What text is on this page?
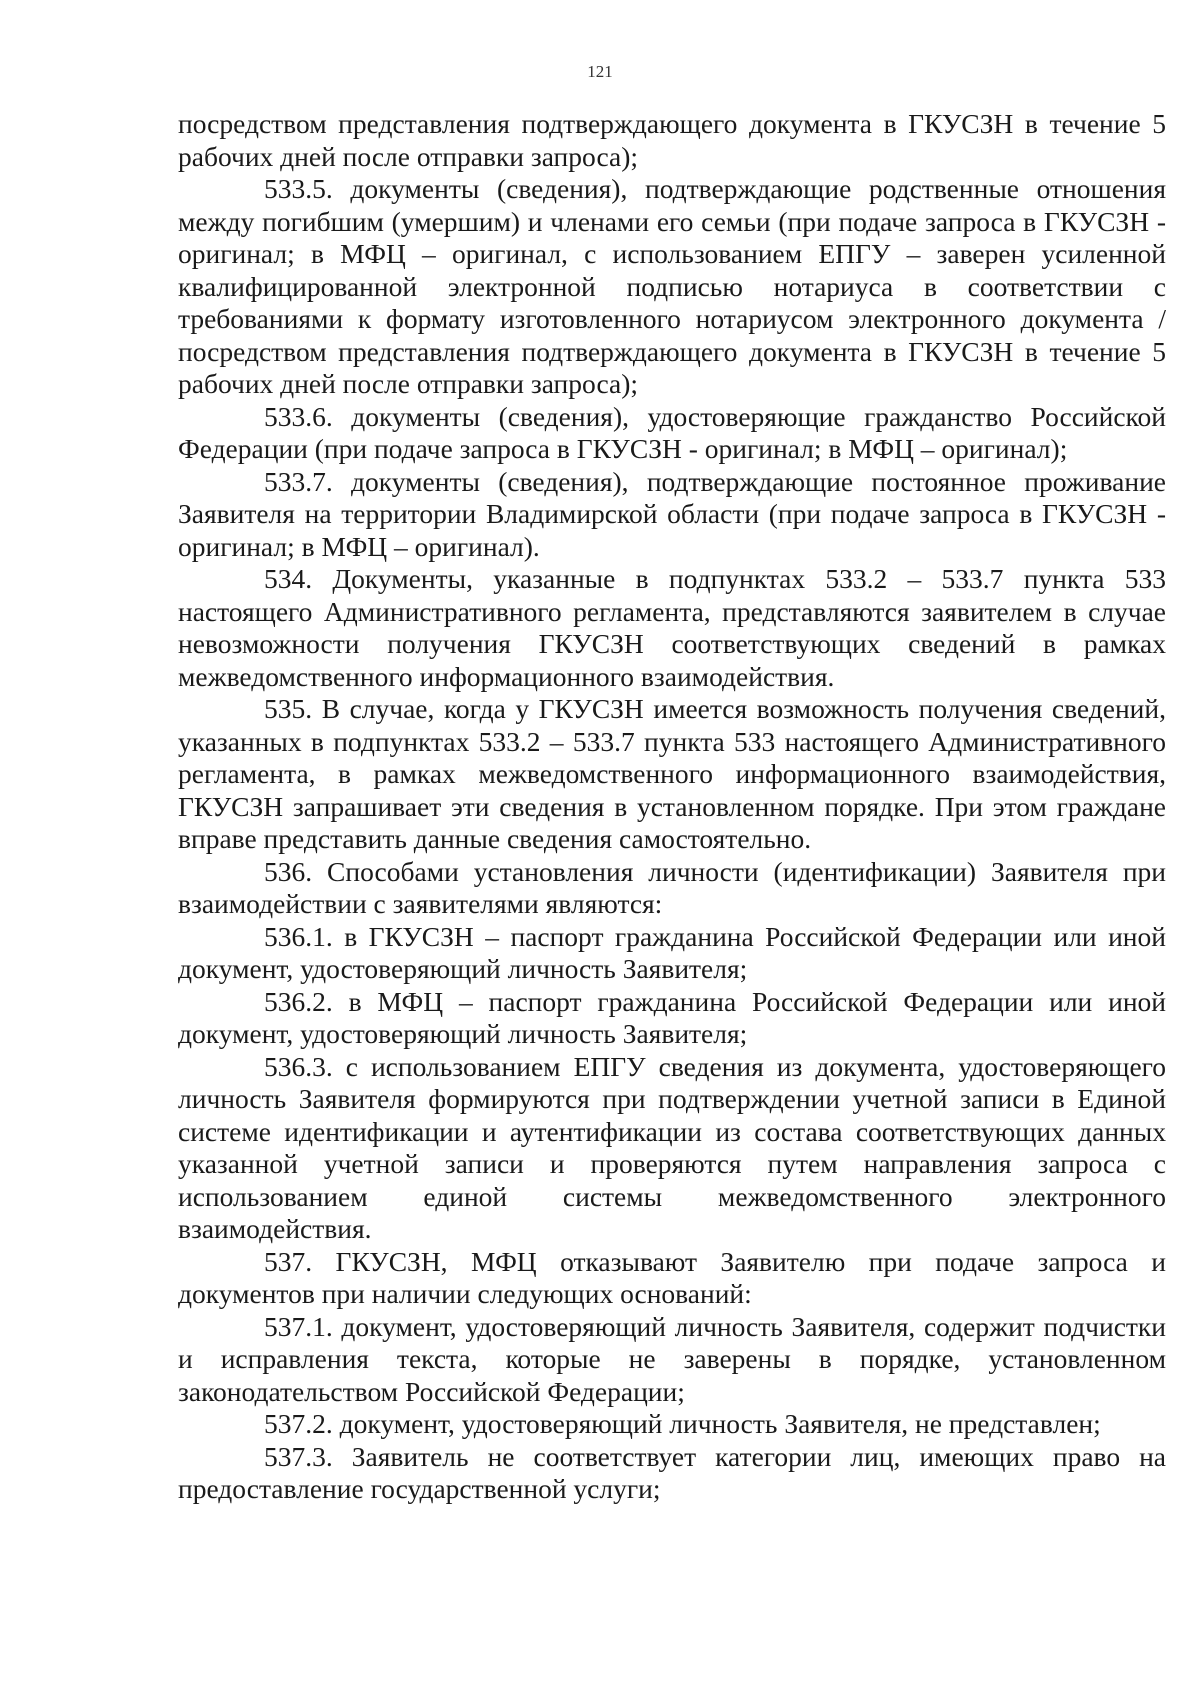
121

посредством представления подтверждающего документа в ГКУСЗН в течение 5 рабочих дней после отправки запроса);

533.5. документы (сведения), подтверждающие родственные отношения между погибшим (умершим) и членами его семьи (при подаче запроса в ГКУСЗН - оригинал; в МФЦ – оригинал, с использованием ЕПГУ – заверен усиленной квалифицированной электронной подписью нотариуса в соответствии с требованиями к формату изготовленного нотариусом электронного документа / посредством представления подтверждающего документа в ГКУСЗН в течение 5 рабочих дней после отправки запроса);

533.6. документы (сведения), удостоверяющие гражданство Российской Федерации (при подаче запроса в ГКУСЗН - оригинал; в МФЦ – оригинал);

533.7. документы (сведения), подтверждающие постоянное проживание Заявителя на территории Владимирской области (при подаче запроса в ГКУСЗН - оригинал; в МФЦ – оригинал).

534. Документы, указанные в подпунктах 533.2 – 533.7 пункта 533 настоящего Административного регламента, представляются заявителем в случае невозможности получения ГКУСЗН соответствующих сведений в рамках межведомственного информационного взаимодействия.

535. В случае, когда у ГКУСЗН имеется возможность получения сведений, указанных в подпунктах 533.2 – 533.7 пункта 533 настоящего Административного регламента, в рамках межведомственного информационного взаимодействия, ГКУСЗН запрашивает эти сведения в установленном порядке. При этом граждане вправе представить данные сведения самостоятельно.

536. Способами установления личности (идентификации) Заявителя при взаимодействии с заявителями являются:

536.1. в ГКУСЗН – паспорт гражданина Российской Федерации или иной документ, удостоверяющий личность Заявителя;

536.2. в МФЦ – паспорт гражданина Российской Федерации или иной документ, удостоверяющий личность Заявителя;

536.3. с использованием ЕПГУ сведения из документа, удостоверяющего личность Заявителя формируются при подтверждении учетной записи в Единой системе идентификации и аутентификации из состава соответствующих данных указанной учетной записи и проверяются путем направления запроса с использованием единой системы межведомственного электронного взаимодействия.

537. ГКУСЗН, МФЦ отказывают Заявителю при подаче запроса и документов при наличии следующих оснований:

537.1. документ, удостоверяющий личность Заявителя, содержит подчистки и исправления текста, которые не заверены в порядке, установленном законодательством Российской Федерации;

537.2. документ, удостоверяющий личность Заявителя, не представлен;

537.3. Заявитель не соответствует категории лиц, имеющих право на предоставление государственной услуги;
